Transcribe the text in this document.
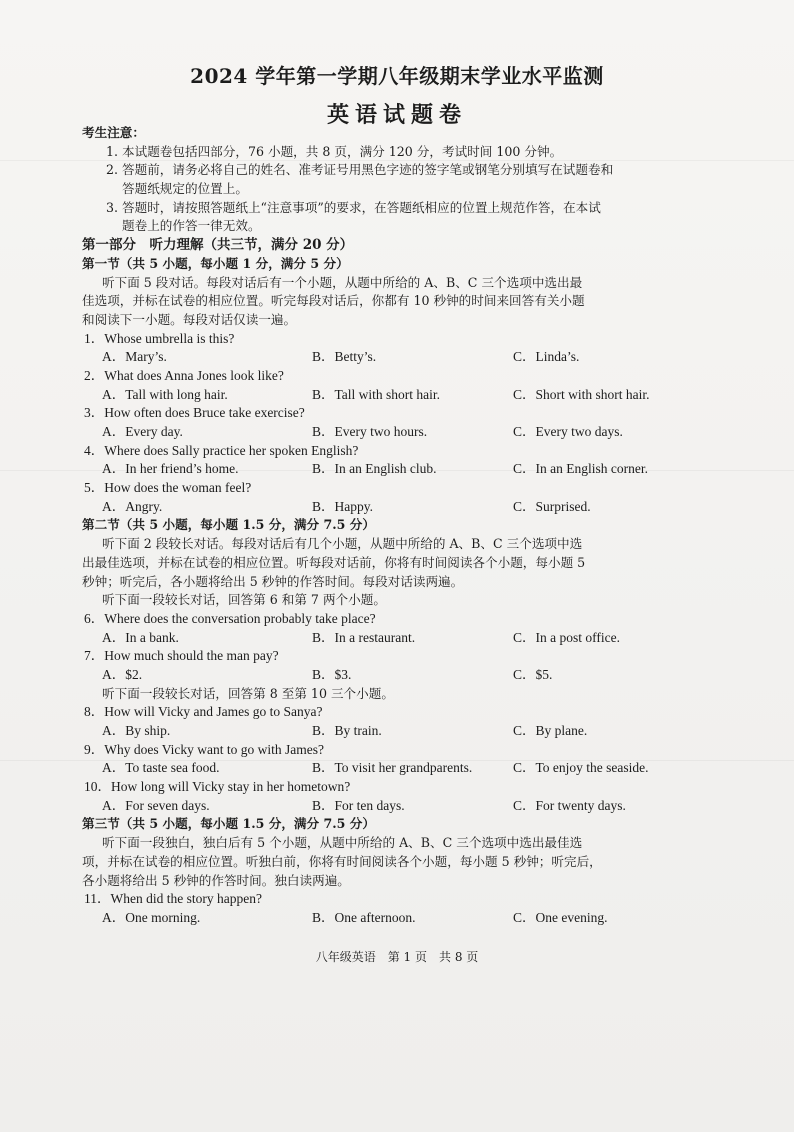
2024 学年第一学期八年级期末学业水平监测
英语试题卷
考生注意：
1. 本试题卷包括四部分，76 小题，共 8 页，满分 120 分，考试时间 100 分钟。
2. 答题前，请务必将自己的姓名、准考证号用黑色字迹的签字笔或钢笔分别填写在试题卷和
答题纸规定的位置上。
3. 答题时，请按照答题纸上“注意事项”的要求，在答题纸相应的位置上规范作答，在本试
题卷上的作答一律无效。
第一部分　听力理解（共三节，满分 20 分）
第一节（共 5 小题，每小题 1 分，满分 5 分）
听下面 5 段对话。每段对话后有一个小题，从题中所给的 A、B、C 三个选项中选出最
佳选项，并标在试卷的相应位置。听完每段对话后，你都有 10 秒钟的时间来回答有关小题
和阅读下一小题。每段对话仅读一遍。
1．Whose umbrella is this?
A．Mary’s.	B．Betty’s.	C．Linda’s.
2．What does Anna Jones look like?
A．Tall with long hair.	B．Tall with short hair.	C．Short with short hair.
3．How often does Bruce take exercise?
A．Every day.	B．Every two hours.	C．Every two days.
4．Where does Sally practice her spoken English?
A．In her friend’s home.	B．In an English club.	C．In an English corner.
5．How does the woman feel?
A．Angry.	B．Happy.	C．Surprised.
第二节（共 5 小题，每小题 1.5 分，满分 7.5 分）
听下面 2 段较长对话。每段对话后有几个小题，从题中所给的 A、B、C 三个选项中选
出最佳选项，并标在试卷的相应位置。听每段对话前，你将有时间阅读各个小题，每小题 5
秒钟；听完后，各小题将给出 5 秒钟的作答时间。每段对话读两遍。
听下面一段较长对话，回答第 6 和第 7 两个小题。
6．Where does the conversation probably take place?
A．In a bank.	B．In a restaurant.	C．In a post office.
7．How much should the man pay?
A．$2.	B．$3.	C．$5.
听下面一段较长对话，回答第 8 至第 10 三个小题。
8．How will Vicky and James go to Sanya?
A．By ship.	B．By train.	C．By plane.
9．Why does Vicky want to go with James?
A．To taste sea food.	B．To visit her grandparents.	C．To enjoy the seaside.
10．How long will Vicky stay in her hometown?
A．For seven days.	B．For ten days.	C．For twenty days.
第三节（共 5 小题，每小题 1.5 分，满分 7.5 分）
听下面一段独白，独白后有 5 个小题，从题中所给的 A、B、C 三个选项中选出最佳选
项，并标在试卷的相应位置。听独白前，你将有时间阅读各个小题，每小题 5 秒钟；听完后，
各小题将给出 5 秒钟的作答时间。独白读两遍。
11．When did the story happen?
A．One morning.	B．One afternoon.	C．One evening.
八年级英语　第 1 页　共 8 页
